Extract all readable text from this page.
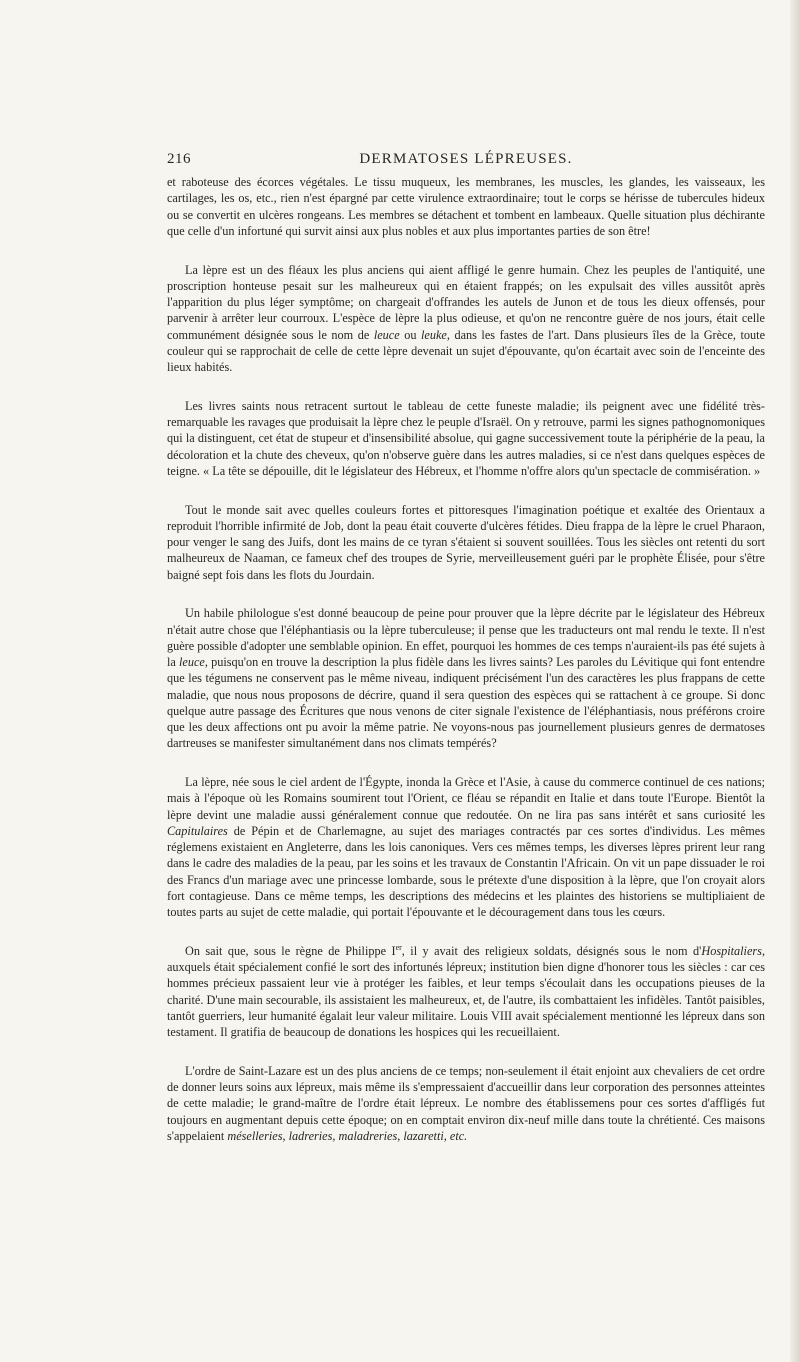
216	DERMATOSES LÉPREUSES.

et raboteuse des écorces végétales. Le tissu muqueux, les membranes, les muscles, les glandes, les vaisseaux, les cartilages, les os, etc., rien n'est épargné par cette virulence extraordinaire; tout le corps se hérisse de tubercules hideux ou se convertit en ulcères rongeans. Les membres se détachent et tombent en lambeaux. Quelle situation plus déchirante que celle d'un infortuné qui survit ainsi aux plus nobles et aux plus importantes parties de son être!

La lèpre est un des fléaux les plus anciens qui aient affligé le genre humain. Chez les peuples de l'antiquité, une proscription honteuse pesait sur les malheureux qui en étaient frappés; on les expulsait des villes aussitôt après l'apparition du plus léger symptôme; on chargeait d'offrandes les autels de Junon et de tous les dieux offensés, pour parvenir à arrêter leur courroux. L'espèce de lèpre la plus odieuse, et qu'on ne rencontre guère de nos jours, était celle communément désignée sous le nom de leuce ou leuke, dans les fastes de l'art. Dans plusieurs îles de la Grèce, toute couleur qui se rapprochait de celle de cette lèpre devenait un sujet d'épouvante, qu'on écartait avec soin de l'enceinte des lieux habités.

Les livres saints nous retracent surtout le tableau de cette funeste maladie; ils peignent avec une fidélité très-remarquable les ravages que produisait la lèpre chez le peuple d'Israël. On y retrouve, parmi les signes pathognomoniques qui la distinguent, cet état de stupeur et d'insensibilité absolue, qui gagne successivement toute la périphérie de la peau, la décoloration et la chute des cheveux, qu'on n'observe guère dans les autres maladies, si ce n'est dans quelques espèces de teigne. « La tête se dépouille, dit le législateur des Hébreux, et l'homme n'offre alors qu'un spectacle de commisération. »

Tout le monde sait avec quelles couleurs fortes et pittoresques l'imagination poétique et exaltée des Orientaux a reproduit l'horrible infirmité de Job, dont la peau était couverte d'ulcères fétides. Dieu frappa de la lèpre le cruel Pharaon, pour venger le sang des Juifs, dont les mains de ce tyran s'étaient si souvent souillées. Tous les siècles ont retenti du sort malheureux de Naaman, ce fameux chef des troupes de Syrie, merveilleusement guéri par le prophète Élisée, pour s'être baigné sept fois dans les flots du Jourdain.

Un habile philologue s'est donné beaucoup de peine pour prouver que la lèpre décrite par le législateur des Hébreux n'était autre chose que l'éléphantiasis ou la lèpre tuberculeuse; il pense que les traducteurs ont mal rendu le texte. Il n'est guère possible d'adopter une semblable opinion. En effet, pourquoi les hommes de ces temps n'auraient-ils pas été sujets à la leuce, puisqu'on en trouve la description la plus fidèle dans les livres saints? Les paroles du Lévitique qui font entendre que les tégumens ne conservent pas le même niveau, indiquent précisément l'un des caractères les plus frappans de cette maladie, que nous nous proposons de décrire, quand il sera question des espèces qui se rattachent à ce groupe. Si donc quelque autre passage des Écritures que nous venons de citer signale l'existence de l'éléphantiasis, nous préférons croire que les deux affections ont pu avoir la même patrie. Ne voyons-nous pas journellement plusieurs genres de dermatoses dartreuses se manifester simultanément dans nos climats tempérés?

La lèpre, née sous le ciel ardent de l'Égypte, inonda la Grèce et l'Asie, à cause du commerce continuel de ces nations; mais à l'époque où les Romains soumirent tout l'Orient, ce fléau se répandit en Italie et dans toute l'Europe. Bientôt la lèpre devint une maladie aussi généralement connue que redoutée. On ne lira pas sans intérêt et sans curiosité les Capitulaires de Pépin et de Charlemagne, au sujet des mariages contractés par ces sortes d'individus. Les mêmes réglemens existaient en Angleterre, dans les lois canoniques. Vers ces mêmes temps, les diverses lèpres prirent leur rang dans le cadre des maladies de la peau, par les soins et les travaux de Constantin l'Africain. On vit un pape dissuader le roi des Francs d'un mariage avec une princesse lombarde, sous le prétexte d'une disposition à la lèpre, que l'on croyait alors fort contagieuse. Dans ce même temps, les descriptions des médecins et les plaintes des historiens se multipliaient de toutes parts au sujet de cette maladie, qui portait l'épouvante et le découragement dans tous les cœurs.

On sait que, sous le règne de Philippe Ier, il y avait des religieux soldats, désignés sous le nom d'Hospitaliers, auxquels était spécialement confié le sort des infortunés lépreux; institution bien digne d'honorer tous les siècles : car ces hommes précieux passaient leur vie à protéger les faibles, et leur temps s'écoulait dans les occupations pieuses de la charité. D'une main secourable, ils assistaient les malheureux, et, de l'autre, ils combattaient les infidèles. Tantôt paisibles, tantôt guerriers, leur humanité égalait leur valeur militaire. Louis VIII avait spécialement mentionné les lépreux dans son testament. Il gratifia de beaucoup de donations les hospices qui les recueillaient.

L'ordre de Saint-Lazare est un des plus anciens de ce temps; non-seulement il était enjoint aux chevaliers de cet ordre de donner leurs soins aux lépreux, mais même ils s'empressaient d'accueillir dans leur corporation des personnes atteintes de cette maladie; le grand-maître de l'ordre était lépreux. Le nombre des établissemens pour ces sortes d'affligés fut toujours en augmentant depuis cette époque; on en comptait environ dix-neuf mille dans toute la chrétienté. Ces maisons s'appelaient méselleries, ladreries, maladreries, lazaretti, etc.
